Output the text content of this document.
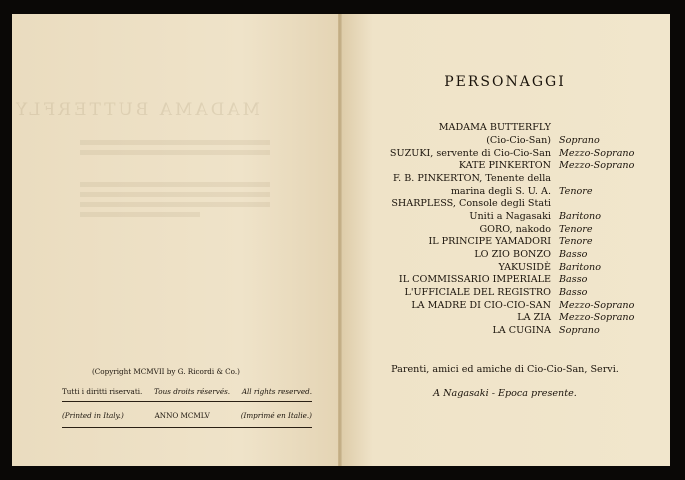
MADAMA BUTTERFLY
(Copyright MCMVII by G. Ricordi & Co.)
Tutti i diritti riservati. Tous droits réservés. All rights reserved.
(Printed in Italy.)	ANNO MCMLV	(Imprimé en Italie.)
PERSONAGGI
MADAMA BUTTERFLY
(Cio-Cio-San) Soprano
SUZUKI, servente di Cio-Cio-San Mezzo-Soprano
KATE PINKERTON Mezzo-Soprano
F. B. PINKERTON, Tenente della
marina degli S. U. A. Tenore
SHARPLESS, Console degli Stati
Uniti a Nagasaki Baritono
GORO, nakodo Tenore
IL PRINCIPE YAMADORI Tenore
LO ZIO BONZO Basso
YAKUSIDÈ Baritono
IL COMMISSARIO IMPERIALE Basso
L'UFFICIALE DEL REGISTRO Basso
LA MADRE DI CIO-CIO-SAN Mezzo-Soprano
LA ZIA Mezzo-Soprano
LA CUGINA Soprano
Parenti, amici ed amiche di Cio-Cio-San, Servi.
A Nagasaki - Epoca presente.
